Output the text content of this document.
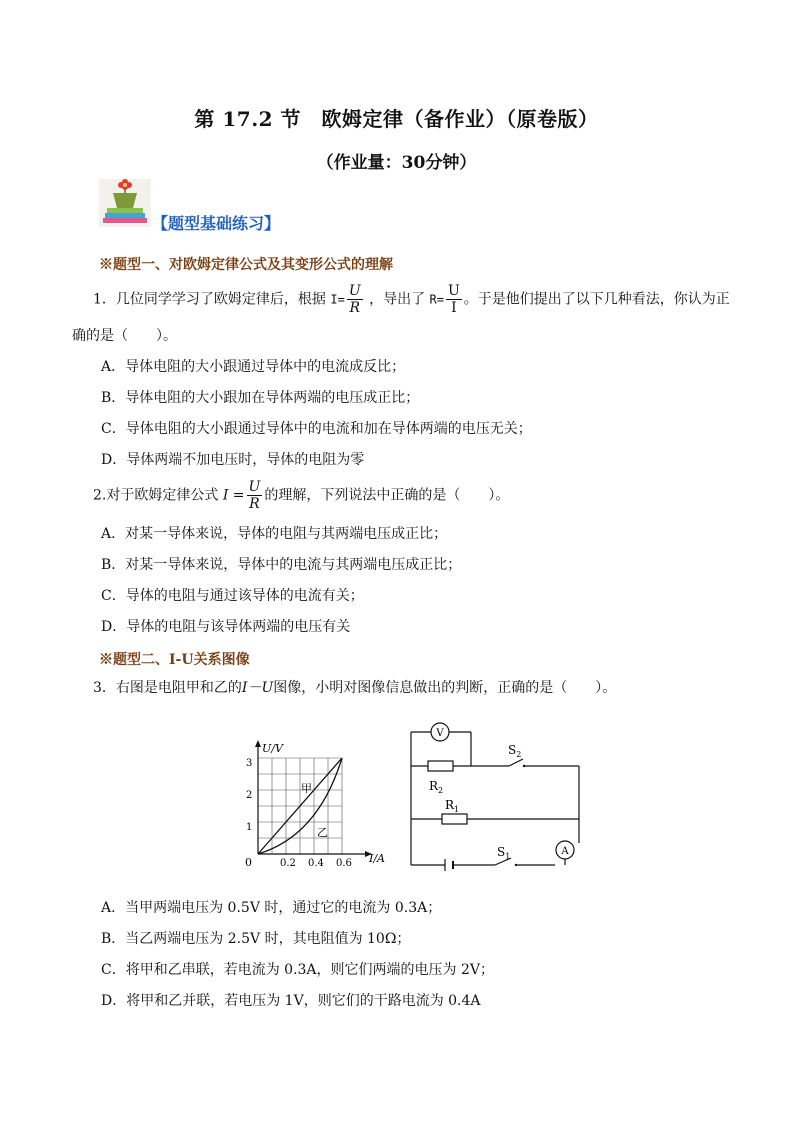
第 17.2 节　欧姆定律（备作业）（原卷版）
（作业量：30分钟）
【题型基础练习】
※题型一、对欧姆定律公式及其变形公式的理解
1．几位同学学习了欧姆定律后，根据 $I= \frac{U}{R}$ ，导出了 $R= \frac{U}{I}$ 。于是他们提出了以下几种看法，你认为正
确的是（　　）。
A．导体电阻的大小跟通过导体中的电流成反比；
B．导体电阻的大小跟加在导体两端的电压成正比；
C．导体电阻的大小跟通过导体中的电流和加在导体两端的电压无关；
D．导体两端不加电压时，导体的电阻为零
2.对于欧姆定律公式 $I = \frac{U}{R}$ 的理解，下列说法中正确的是（　　）。
A．对某一导体来说，导体的电阻与其两端电压成正比；
B．对某一导体来说，导体中的电流与其两端电压成正比；
C．导体的电阻与通过该导体的电流有关；
D．导体的电阻与该导体两端的电压有关
※题型二、I-U关系图像
3．右图是电阻甲和乙的I－U图像，小明对图像信息做出的判断，正确的是（　　）。
U/V
I/A
0	0.2 0.4 0.6
1
2
3
甲
乙
V
$R_2$
$S_2$
$R_1$
$S_1$	A
A．当甲两端电压为 0.5V 时，通过它的电流为 0.3A；
B．当乙两端电压为 2.5V 时，其电阻值为 10Ω；
C．将甲和乙串联，若电流为 0.3A，则它们两端的电压为 2V；
D．将甲和乙并联，若电压为 1V，则它们的干路电流为 0.4A
